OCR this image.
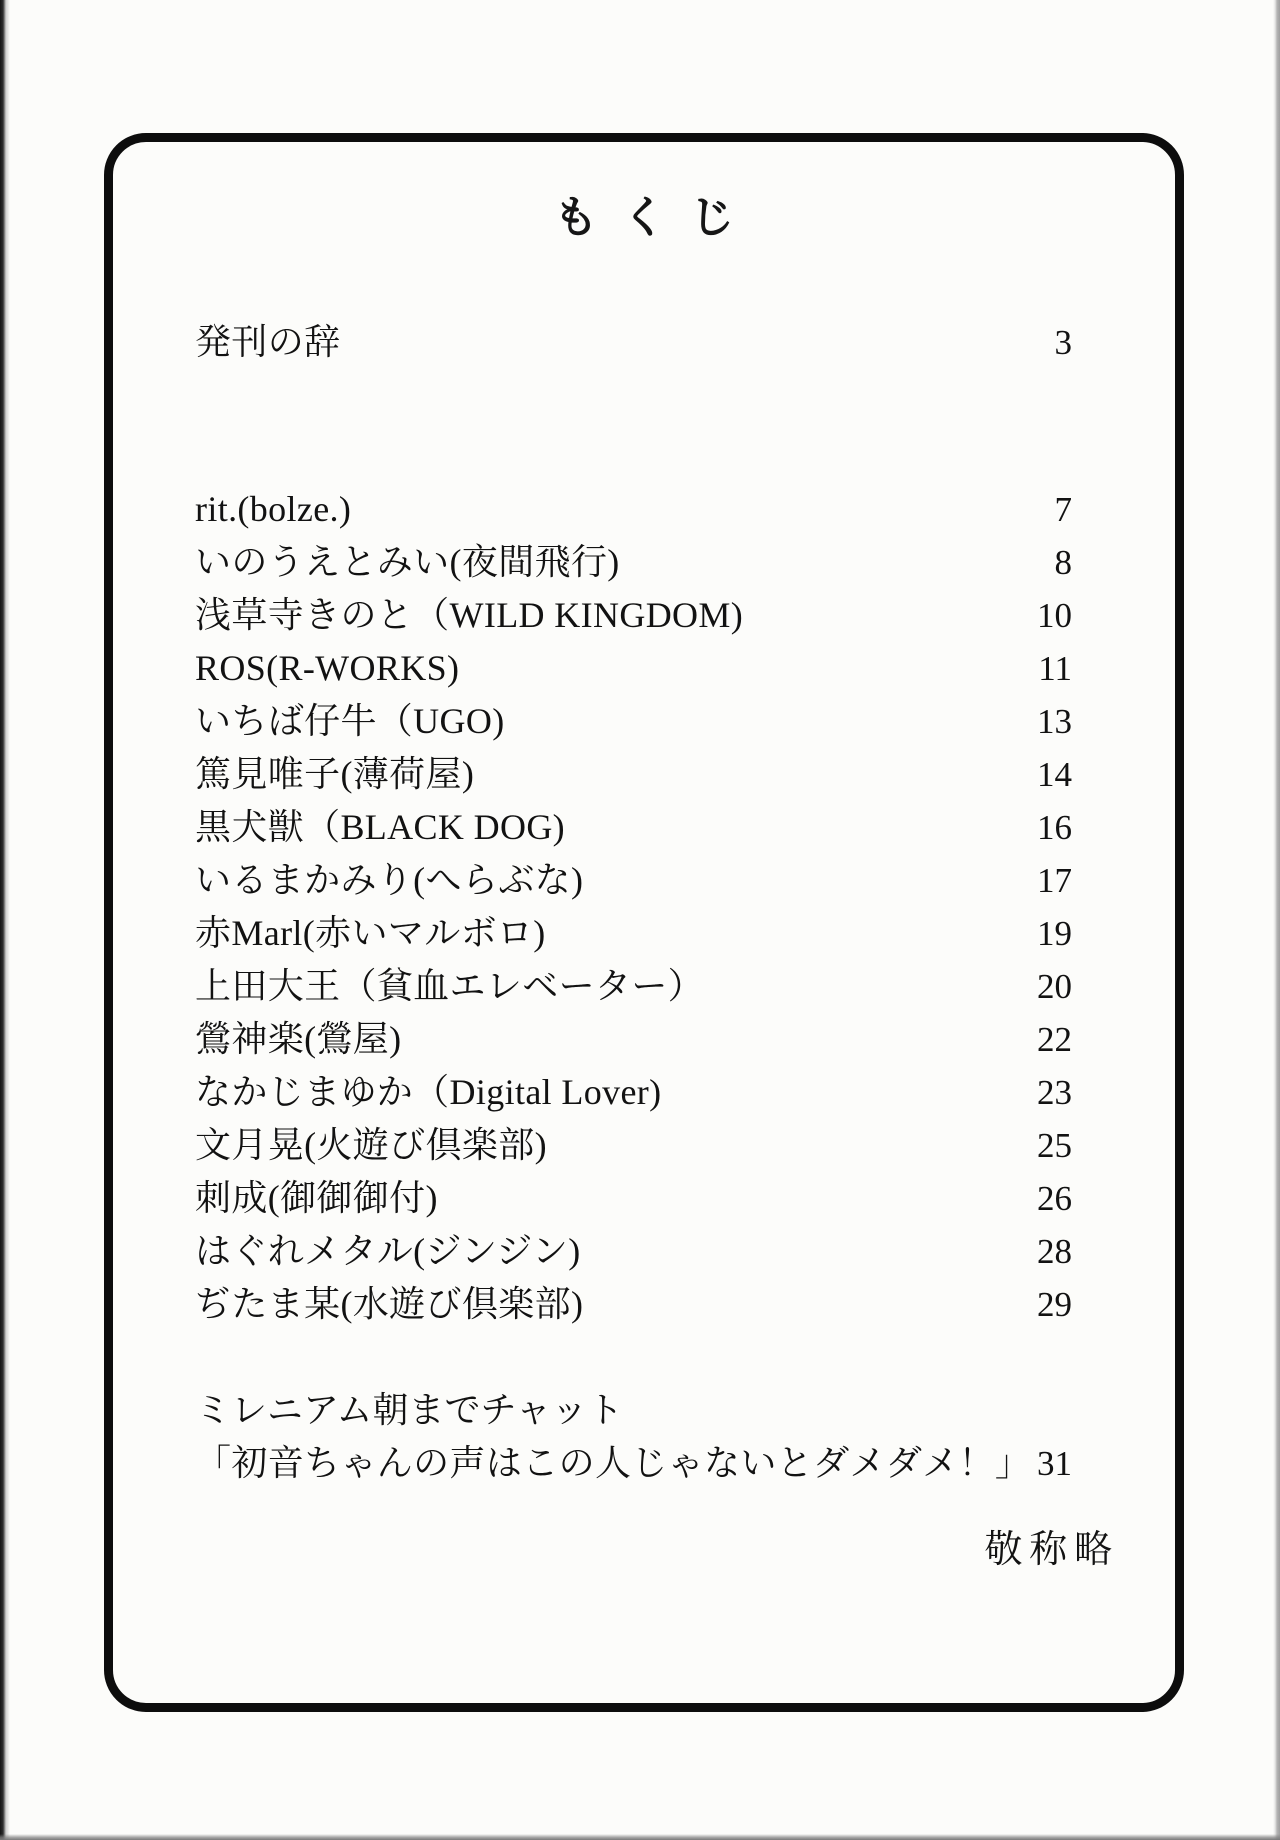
もくじ
発刊の辞	3
rit.(bolze.)	7
いのうえとみい(夜間飛行)	8
浅草寺きのと（WILD KINGDOM)	10
ROS(R-WORKS)	11
いちば仔牛（UGO)	13
篤見唯子(薄荷屋)	14
黒犬獣（BLACK DOG)	16
いるまかみり(へらぶな)	17
赤Marl(赤いマルボロ)	19
上田大王（貧血エレベーター）	20
鶯神楽(鶯屋)	22
なかじまゆか（Digital Lover)	23
文月晃(火遊び倶楽部)	25
刺成(御御御付)	26
はぐれメタル(ジンジン)	28
ぢたま某(水遊び倶楽部)	29
ミレニアム朝までチャット
「初音ちゃんの声はこの人じゃないとダメダメ！」 31
敬称略
